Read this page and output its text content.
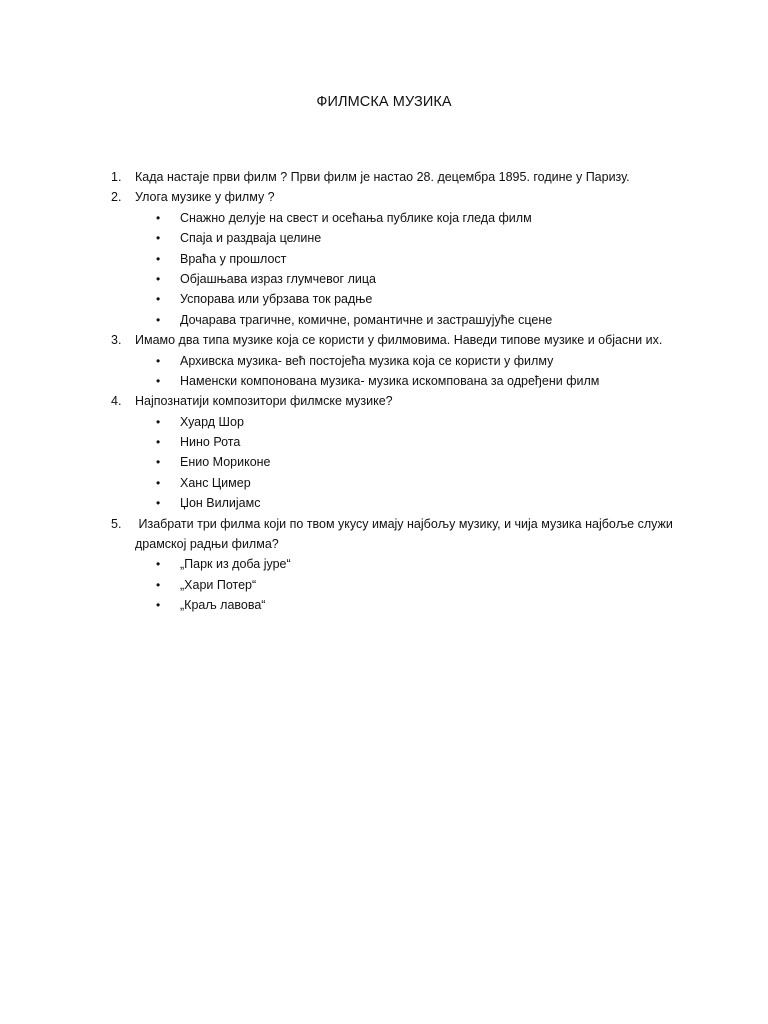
ФИЛМСКА МУЗИКА
1. Када настаје први филм ? Први филм је настао 28. децембра 1895. године у Паризу.
2. Улога музике у филму ?
• Снажно делује на свест и осећања публике која гледа филм
• Спаја и раздваја целине
• Враћа у прошлост
• Објашњава израз глумчевог лица
• Успорава или убрзава ток радње
• Дочарава трагичне, комичне, романтичне и застрашујуће сцене
3. Имамо два типа музике која се користи у филмовима. Наведи типове музике и објасни их.
• Архивска музика- већ постојећа музика која се користи у филму
• Наменски компонована музика- музика искомпована за одређени филм
4. Најпознатији композитори филмске музике?
• Хуард Шор
• Нино Рота
• Енио Мориконе
• Ханс Цимер
• Џон Вилијамс
5. Изабрати три филма који по твом укусу имају најбољу музику, и чија музика најбоље служи
драмској радњи филма?
• „Парк из доба јуре“
• „Хари Потер“
• „Краљ лавова“
